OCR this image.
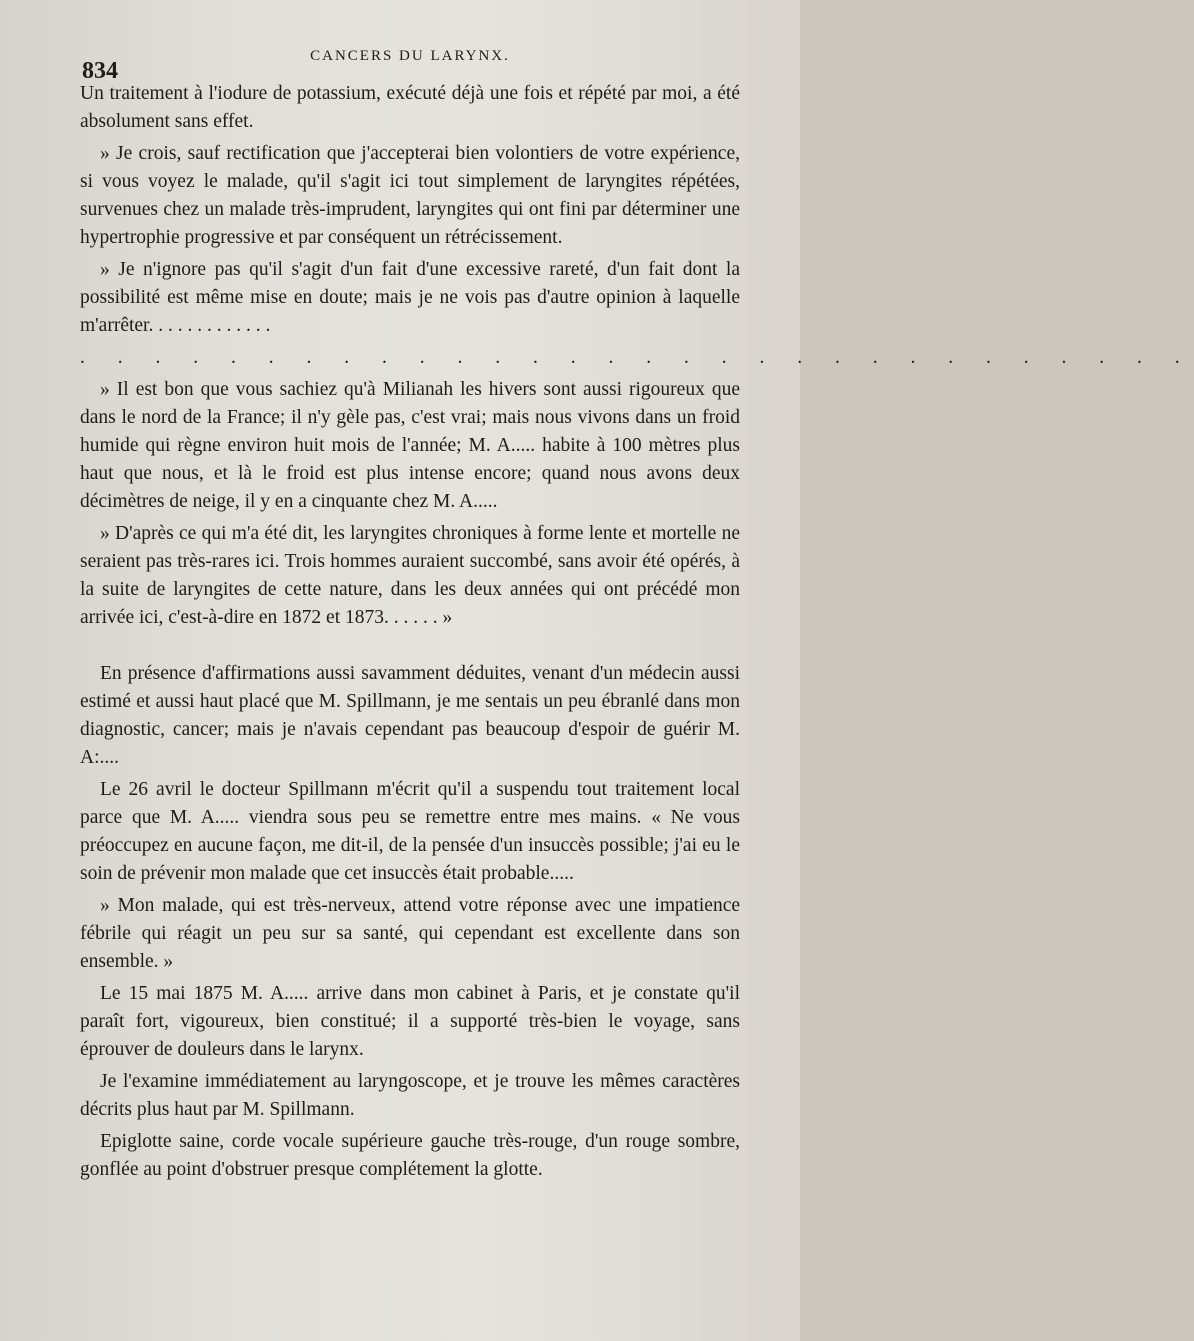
834
CANCERS DU LARYNX.

Un traitement à l'iodure de potassium, exécuté déjà une fois et répété par moi, a été absolument sans effet.

» Je crois, sauf rectification que j'accepterai bien volontiers de votre expérience, si vous voyez le malade, qu'il s'agit ici tout simplement de laryngites répétées, survenues chez un malade très-imprudent, laryngites qui ont fini par déterminer une hypertrophie progressive et par conséquent un rétrécissement.

» Je n'ignore pas qu'il s'agit d'un fait d'une excessive rareté, d'un fait dont la possibilité est même mise en doute; mais je ne vois pas d'autre opinion à laquelle m'arrêter. . . . . . . . . . . . .

. . . . . . . . . . . . . . . . . . . . . . . . . . . . . .

» Il est bon que vous sachiez qu'à Milianah les hivers sont aussi rigoureux que dans le nord de la France; il n'y gèle pas, c'est vrai; mais nous vivons dans un froid humide qui règne environ huit mois de l'année; M. A..... habite à 100 mètres plus haut que nous, et là le froid est plus intense encore; quand nous avons deux décimètres de neige, il y en a cinquante chez M. A.....

» D'après ce qui m'a été dit, les laryngites chroniques à forme lente et mortelle ne seraient pas très-rares ici. Trois hommes auraient succombé, sans avoir été opérés, à la suite de laryngites de cette nature, dans les deux années qui ont précédé mon arrivée ici, c'est-à-dire en 1872 et 1873. . . . . . »

En présence d'affirmations aussi savamment déduites, venant d'un médecin aussi estimé et aussi haut placé que M. Spillmann, je me sentais un peu ébranlé dans mon diagnostic, cancer; mais je n'avais cependant pas beaucoup d'espoir de guérir M. A:....

Le 26 avril le docteur Spillmann m'écrit qu'il a suspendu tout traitement local parce que M. A..... viendra sous peu se remettre entre mes mains. « Ne vous préoccupez en aucune façon, me dit-il, de la pensée d'un insuccès possible; j'ai eu le soin de prévenir mon malade que cet insuccès était probable.....

» Mon malade, qui est très-nerveux, attend votre réponse avec une impatience fébrile qui réagit un peu sur sa santé, qui cependant est excellente dans son ensemble. »

Le 15 mai 1875 M. A..... arrive dans mon cabinet à Paris, et je constate qu'il paraît fort, vigoureux, bien constitué; il a supporté très-bien le voyage, sans éprouver de douleurs dans le larynx.

Je l'examine immédiatement au laryngoscope, et je trouve les mêmes caractères décrits plus haut par M. Spillmann.

Epiglotte saine, corde vocale supérieure gauche très-rouge, d'un rouge sombre, gonflée au point d'obstruer presque complétement la glotte.
